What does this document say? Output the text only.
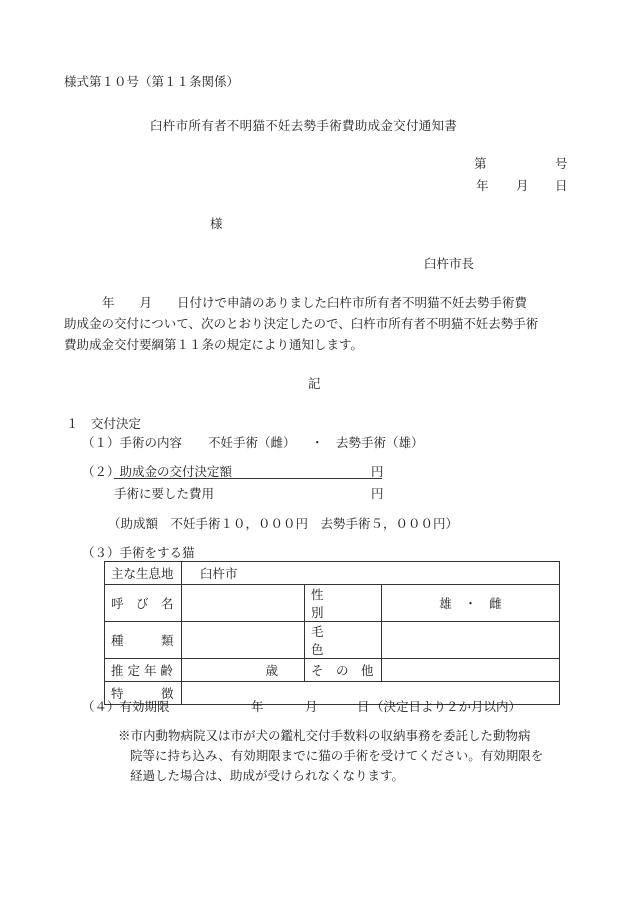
様式第１０号（第１１条関係）
臼杵市所有者不明猫不妊去勢手術費助成金交付通知書
第	号
年 月 日
様
臼杵市長
年　　月　　日付けで申請のありました臼杵市所有者不明猫不妊去勢手術費
助成金の交付について、次のとおり決定したので、臼杵市所有者不明猫不妊去勢手術
費助成金交付要綱第１１条の規定により通知します。
記
１　交付決定
（１）手術の内容 不妊手術（雌） ・ 去勢手術（雄）
（２）助成金の交付決定額	円
手術に要した費用	円
（助成額　不妊手術１０，０００円　去勢手術５，０００円）
（３）手術をする猫
主な生息地	臼杵市		
呼　び　名		性　　　　別	雄　・　雌
種　　　類		毛　　　　色	
推 定 年 齢	歳	そ　の　他	
特　　　徴			
（４）有効期限	年	月	日 （決定日より２か月以内）
※市内動物病院又は市が犬の鑑札交付手数料の収納事務を委託した動物病
院等に持ち込み、有効期限までに猫の手術を受けてください。有効期限を
経過した場合は、助成が受けられなくなります。
